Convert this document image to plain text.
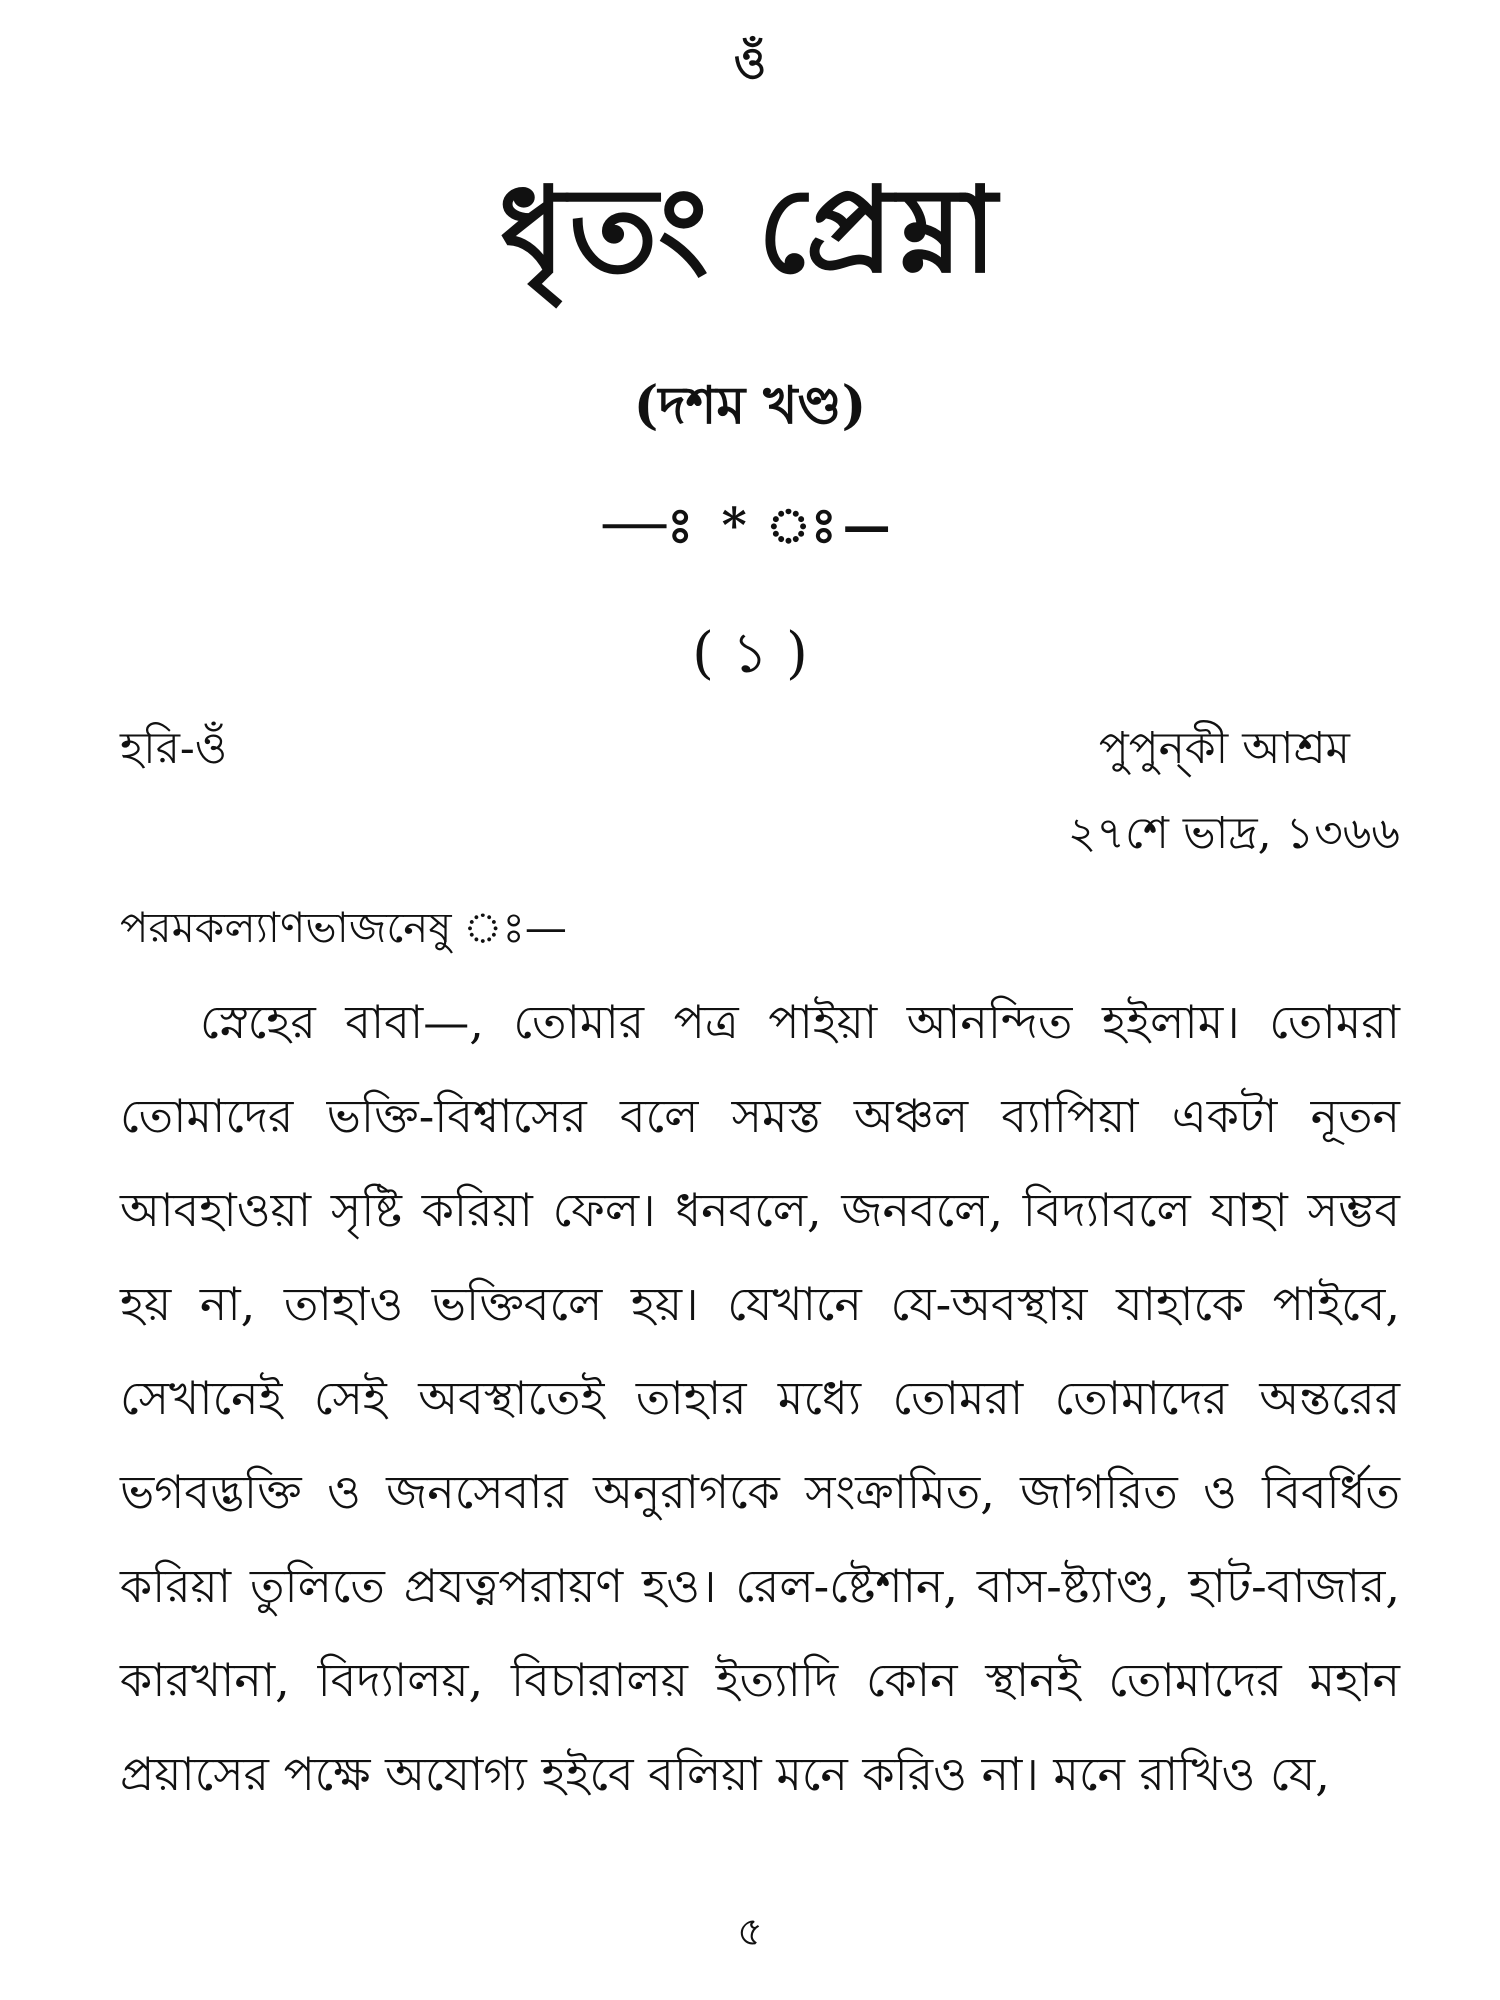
ওঁ
ধৃতং প্রেম্না
(দশম খণ্ড)
—ঃ * ঃ—
( ১ )
হরি-ওঁ	পুপুন্‌কী আশ্রম
২৭শে ভাদ্র, ১৩৬৬
পরমকল্যাণভাজনেষু ঃ—
স্নেহের বাবা—, তোমার পত্র পাইয়া আনন্দিত হইলাম। তোমরা তোমাদের ভক্তি-বিশ্বাসের বলে সমস্ত অঞ্চল ব্যাপিয়া একটা নূতন আবহাওয়া সৃষ্টি করিয়া ফেল। ধনবলে, জনবলে, বিদ্যাবলে যাহা সম্ভব হয় না, তাহাও ভক্তিবলে হয়। যেখানে যে-অবস্থায় যাহাকে পাইবে, সেখানেই সেই অবস্থাতেই তাহার মধ্যে তোমরা তোমাদের অন্তরের ভগবদ্ভক্তি ও জনসেবার অনুরাগকে সংক্রামিত, জাগরিত ও বিবর্ধিত করিয়া তুলিতে প্রযত্নপরায়ণ হও। রেল-ষ্টেশান, বাস-ষ্ট্যাণ্ড, হাট-বাজার, কারখানা, বিদ্যালয়, বিচারালয় ইত্যাদি কোন স্থানই তোমাদের মহান প্রয়াসের পক্ষে অযোগ্য হইবে বলিয়া মনে করিও না। মনে রাখিও যে,
৫
